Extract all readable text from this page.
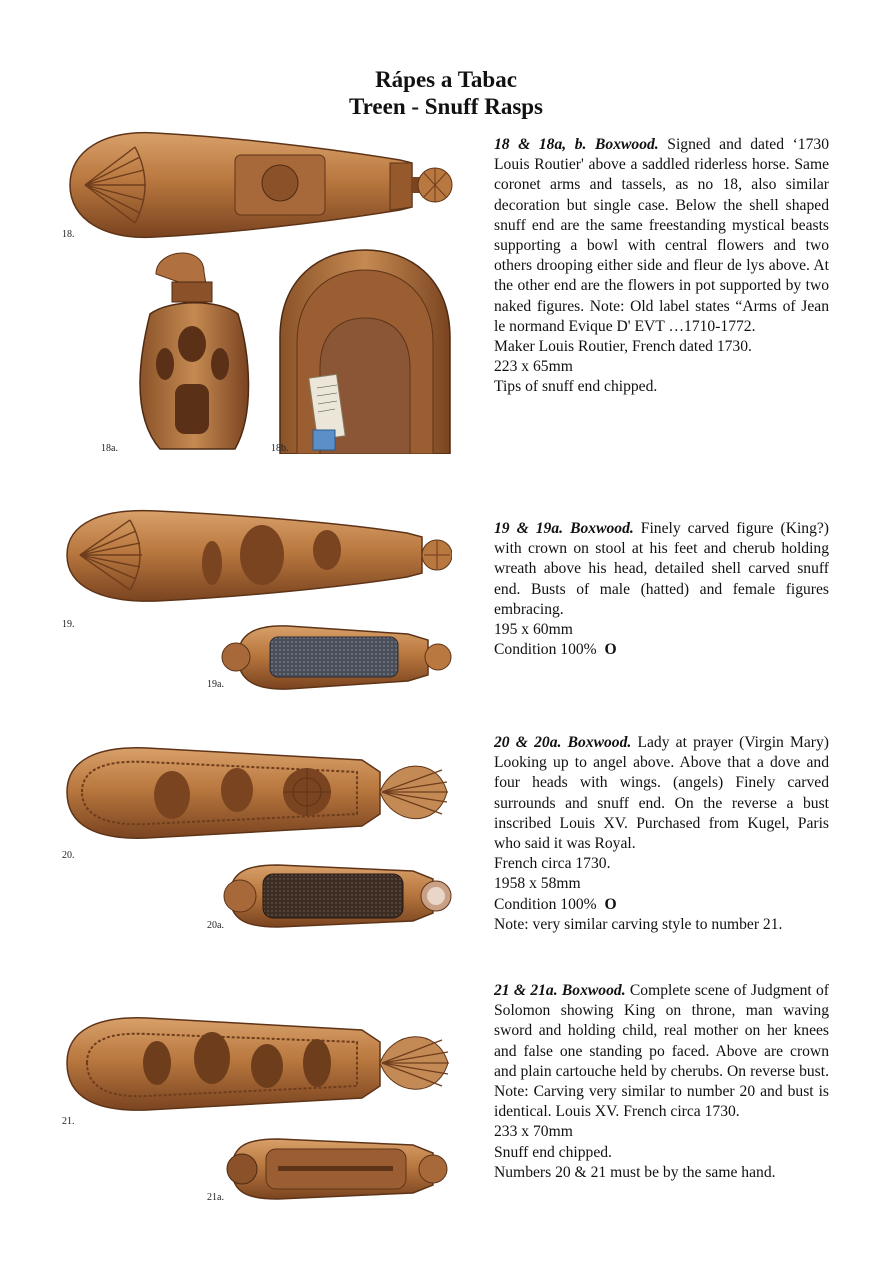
Rápes a Tabac
Treen - Snuff Rasps
18.
18a.	18b.

18 & 18a, b. Boxwood. Signed and dated ‘1730 Louis Routier' above a saddled riderless horse. Same coronet arms and tassels, as no 18, also similar decoration but single case. Below the shell shaped snuff end are the same freestanding mystical beasts supporting a bowl with central flowers and two others drooping either side and fleur de lys above. At the other end are the flowers in pot supported by two naked figures. Note: Old label states “Arms of Jean le normand Evique D' EVT …1710-1772.

Maker Louis Routier, French dated 1730.

223 x 65mm

Tips of snuff end chipped.

19.
19a.

19 & 19a. Boxwood. Finely carved figure (King?) with crown on stool at his feet and cherub holding wreath above his head, detailed shell carved snuff end. Busts of male (hatted) and female figures embracing.

195 x 60mm

Condition 100% O

20.
20a.

20 & 20a. Boxwood. Lady at prayer (Virgin Mary) Looking up to angel above. Above that a dove and four heads with wings. (angels) Finely carved surrounds and snuff end. On the reverse a bust inscribed Louis XV. Purchased from Kugel, Paris who said it was Royal.

French circa 1730.

1958 x 58mm

Condition 100% O

Note: very similar carving style to number 21.

21.
21a.

21 & 21a. Boxwood. Complete scene of Judgment of Solomon showing King on throne, man waving sword and holding child, real mother on her knees and false one standing po faced. Above are crown and plain cartouche held by cherubs. On reverse bust. Note: Carving very similar to number 20 and bust is identical. Louis XV. French circa 1730.

233 x 70mm

Snuff end chipped.

Numbers 20 & 21 must be by the same hand.
